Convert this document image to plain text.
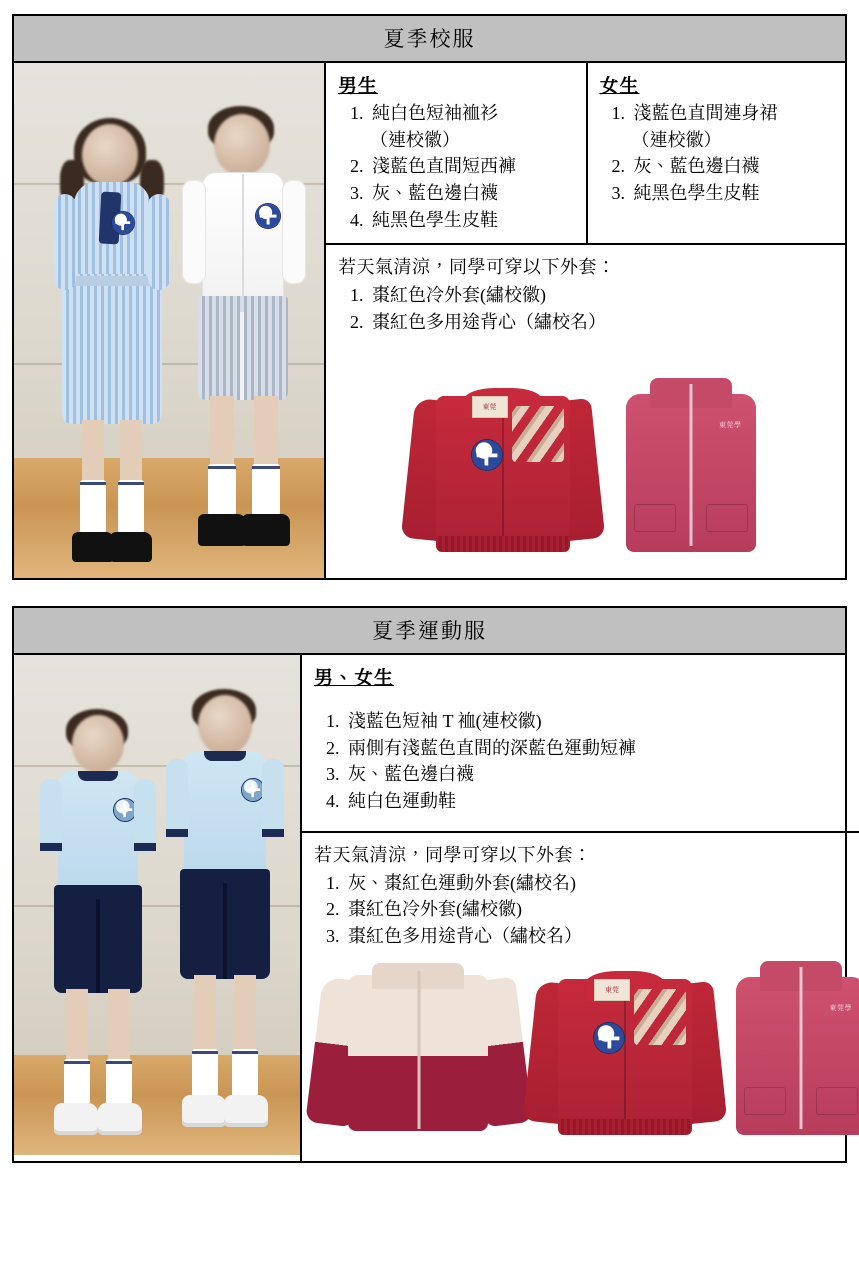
夏季校服
男生
1. 純白色短袖裇衫
（連校徽）
2. 淺藍色直間短西褲
3. 灰、藍色邊白襪
4. 純黑色學生皮鞋
女生
1. 淺藍色直間連身裙
（連校徽）
2. 灰、藍色邊白襪
3. 純黑色學生皮鞋
若天氣清涼，同學可穿以下外套：
1. 棗紅色冷外套(繡校徽)
2. 棗紅色多用途背心（繡校名）
東莞
東莞學
夏季運動服
男、女生
1. 淺藍色短袖 T 裇(連校徽)
2. 兩側有淺藍色直間的深藍色運動短褲
3. 灰、藍色邊白襪
4. 純白色運動鞋
若天氣清涼，同學可穿以下外套：
1. 灰、棗紅色運動外套(繡校名)
2. 棗紅色冷外套(繡校徽)
3. 棗紅色多用途背心（繡校名）
東莞學
東莞
東莞學
